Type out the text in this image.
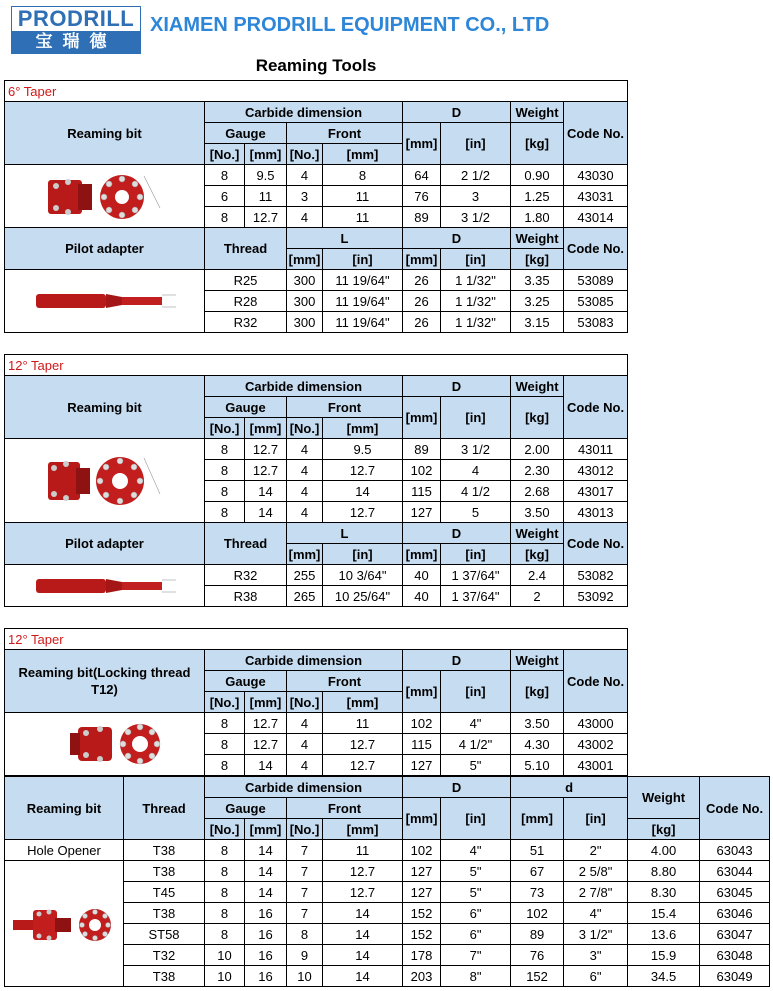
PRODRILL
宝瑞德
XIAMEN PRODRILL EQUIPMENT CO., LTD
Reaming Tools
6° Taper								
Reaming bit	Carbide dimension				D		Weight	Code No.
	Gauge		Front		[mm]	[in]	[kg]	
	[No.]	[mm]	[No.]	[mm]				

	8	9.5	4	8	64	2 1/2	0.90	43030
	6	11	3	11	76	3	1.25	43031
	8	12.7	4	11	89	3 1/2	1.80	43014
Pilot adapter	Thread		L		D		Weight	Code No.
			[mm]	[in]	[mm]	[in]	[kg]	

	R25		300	11 19/64"	26	1 1/32"	3.35	53089
	R28		300	11 19/64"	26	1 1/32"	3.25	53085
	R32		300	11 19/64"	26	1 1/32"	3.15	53083
12° Taper								
Reaming bit	Carbide dimension				D		Weight	Code No.
	Gauge		Front		[mm]	[in]	[kg]	
	[No.]	[mm]	[No.]	[mm]				

	8	12.7	4	9.5	89	3 1/2	2.00	43011
	8	12.7	4	12.7	102	4	2.30	43012
	8	14	4	14	115	4 1/2	2.68	43017
	8	14	4	12.7	127	5	3.50	43013
Pilot adapter	Thread		L		D		Weight	Code No.
			[mm]	[in]	[mm]	[in]	[kg]	

	R32		255	10 3/64"	40	1 37/64"	2.4	53082
	R38		265	10 25/64"	40	1 37/64"	2	53092
12° Taper								
Reaming bit(Locking thread T12)	Carbide dimension				D		Weight	Code No.
	Gauge		Front		[mm]	[in]	[kg]	
	[No.]	[mm]	[No.]	[mm]				

	8	12.7	4	11	102	4"	3.50	43000
	8	12.7	4	12.7	115	4 1/2"	4.30	43002
	8	14	4	12.7	127	5"	5.10	43001
Reaming bit	Thread	Carbide dimension				D		d		Weight	Code No.
		Gauge		Front		[mm]	[in]	[mm]	[in]		
		[No.]	[mm]	[No.]	[mm]					[kg]	
Hole Opener	T38	8	14	7	11	102	4"	51	2"	4.00	63043

	T38	8	14	7	12.7	127	5"	67	2 5/8"	8.80	63044
	T45	8	14	7	12.7	127	5"	73	2 7/8"	8.30	63045
	T38	8	16	7	14	152	6"	102	4"	15.4	63046
	ST58	8	16	8	14	152	6"	89	3 1/2"	13.6	63047
	T32	10	16	9	14	178	7"	76	3"	15.9	63048
	T38	10	16	10	14	203	8"	152	6"	34.5	63049
